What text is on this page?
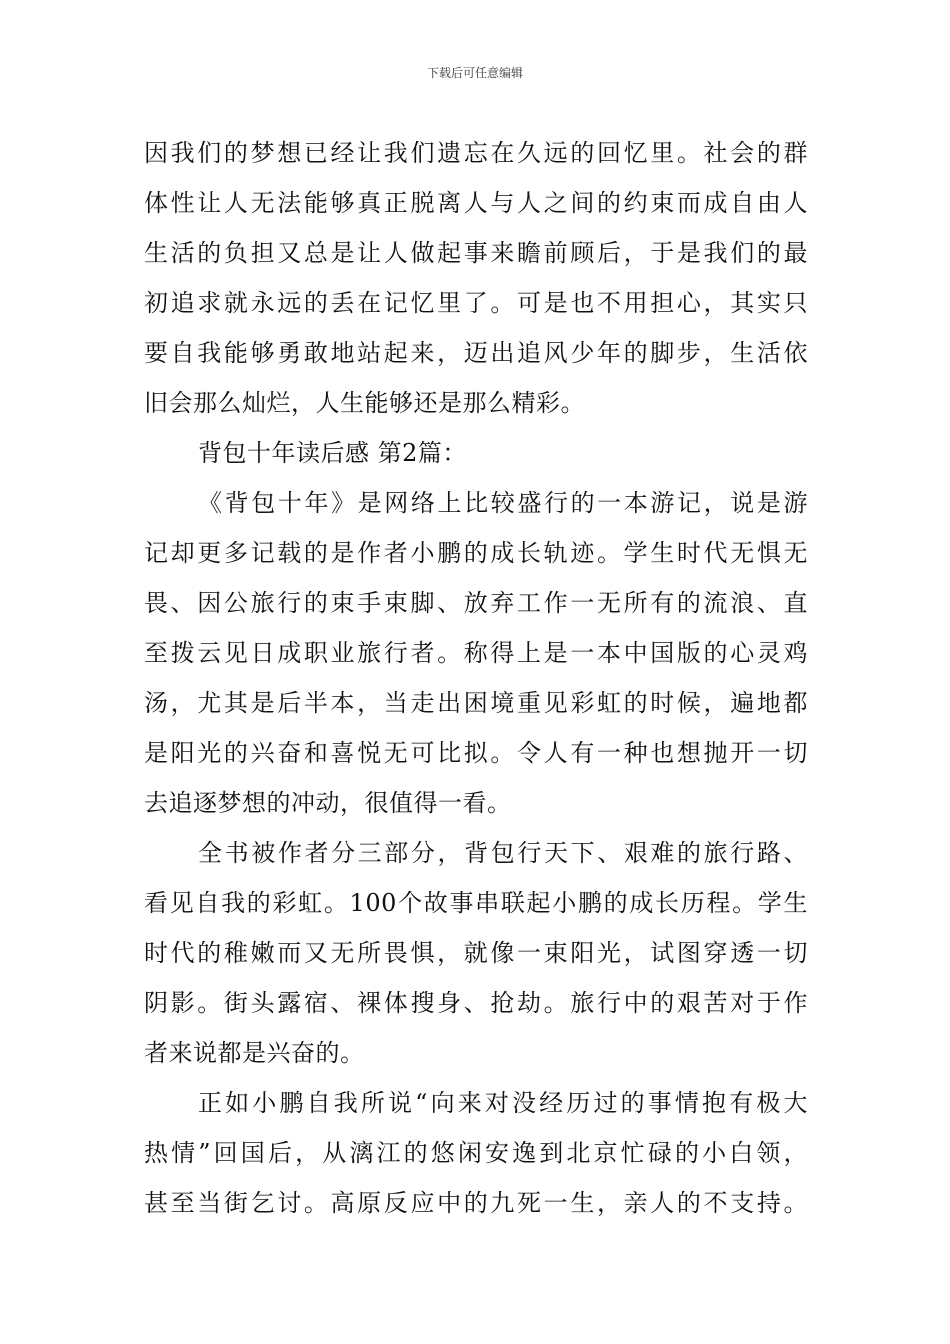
下载后可任意编辑
因我们的梦想已经让我们遗忘在久远的回忆里。社会的群
体性让人无法能够真正脱离人与人之间的约束而成自由人
生活的负担又总是让人做起事来瞻前顾后，于是我们的最
初追求就永远的丢在记忆里了。可是也不用担心，其实只
要自我能够勇敢地站起来，迈出追风少年的脚步，生活依
旧会那么灿烂，人生能够还是那么精彩。
背包十年读后感 第2篇：
《背包十年》是网络上比较盛行的一本游记，说是游
记却更多记载的是作者小鹏的成长轨迹。学生时代无惧无
畏、因公旅行的束手束脚、放弃工作一无所有的流浪、直
至拨云见日成职业旅行者。称得上是一本中国版的心灵鸡
汤，尤其是后半本，当走出困境重见彩虹的时候，遍地都
是阳光的兴奋和喜悦无可比拟。令人有一种也想抛开一切
去追逐梦想的冲动，很值得一看。
全书被作者分三部分，背包行天下、艰难的旅行路、
看见自我的彩虹。100个故事串联起小鹏的成长历程。学生
时代的稚嫩而又无所畏惧，就像一束阳光，试图穿透一切
阴影。街头露宿、裸体搜身、抢劫。旅行中的艰苦对于作
者来说都是兴奋的。
正如小鹏自我所说“向来对没经历过的事情抱有极大
热情”回国后，从漓江的悠闲安逸到北京忙碌的小白领，
甚至当街乞讨。高原反应中的九死一生，亲人的不支持。
